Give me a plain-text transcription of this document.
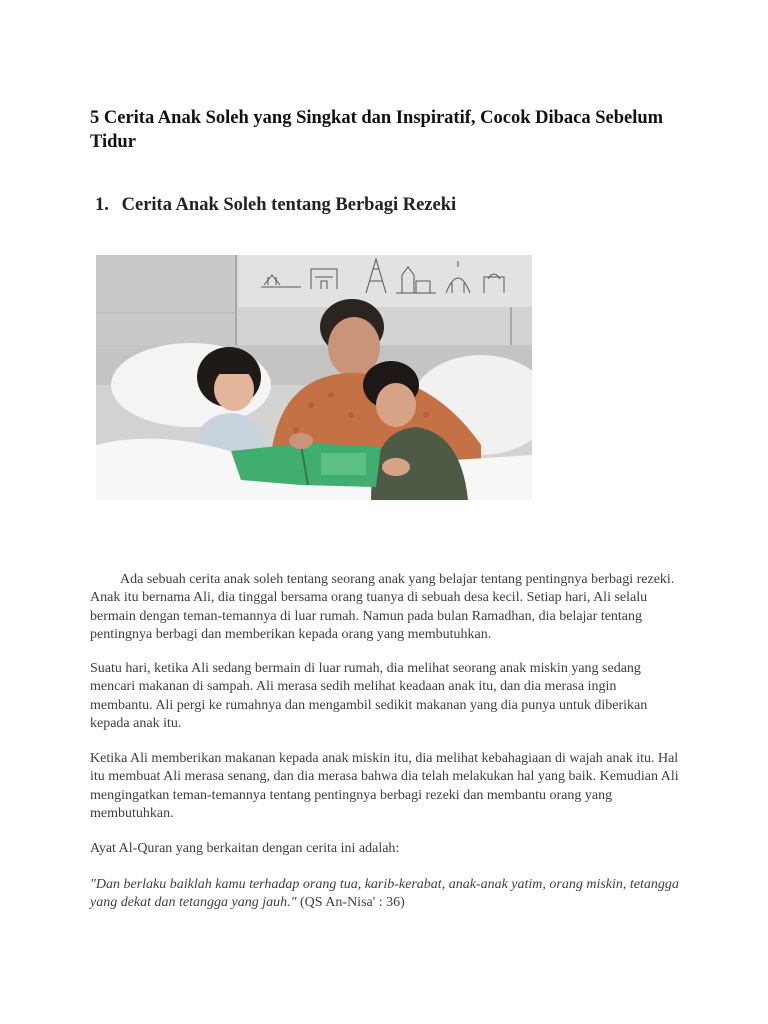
5 Cerita Anak Soleh yang Singkat dan Inspiratif, Cocok Dibaca Sebelum Tidur
1. Cerita Anak Soleh tentang Berbagi Rezeki

Ada sebuah cerita anak soleh tentang seorang anak yang belajar tentang pentingnya berbagi rezeki. Anak itu bernama Ali, dia tinggal bersama orang tuanya di sebuah desa kecil. Setiap hari, Ali selalu bermain dengan teman-temannya di luar rumah. Namun pada bulan Ramadhan, dia belajar tentang pentingnya berbagi dan memberikan kepada orang yang membutuhkan.

Suatu hari, ketika Ali sedang bermain di luar rumah, dia melihat seorang anak miskin yang sedang mencari makanan di sampah. Ali merasa sedih melihat keadaan anak itu, dan dia merasa ingin membantu. Ali pergi ke rumahnya dan mengambil sedikit makanan yang dia punya untuk diberikan kepada anak itu.

Ketika Ali memberikan makanan kepada anak miskin itu, dia melihat kebahagiaan di wajah anak itu. Hal itu membuat Ali merasa senang, dan dia merasa bahwa dia telah melakukan hal yang baik. Kemudian Ali mengingatkan teman-temannya tentang pentingnya berbagi rezeki dan membantu orang yang membutuhkan.

Ayat Al-Quran yang berkaitan dengan cerita ini adalah:

"Dan berlaku baiklah kamu terhadap orang tua, karib-kerabat, anak-anak yatim, orang miskin, tetangga yang dekat dan tetangga yang jauh." (QS An-Nisa' : 36)
